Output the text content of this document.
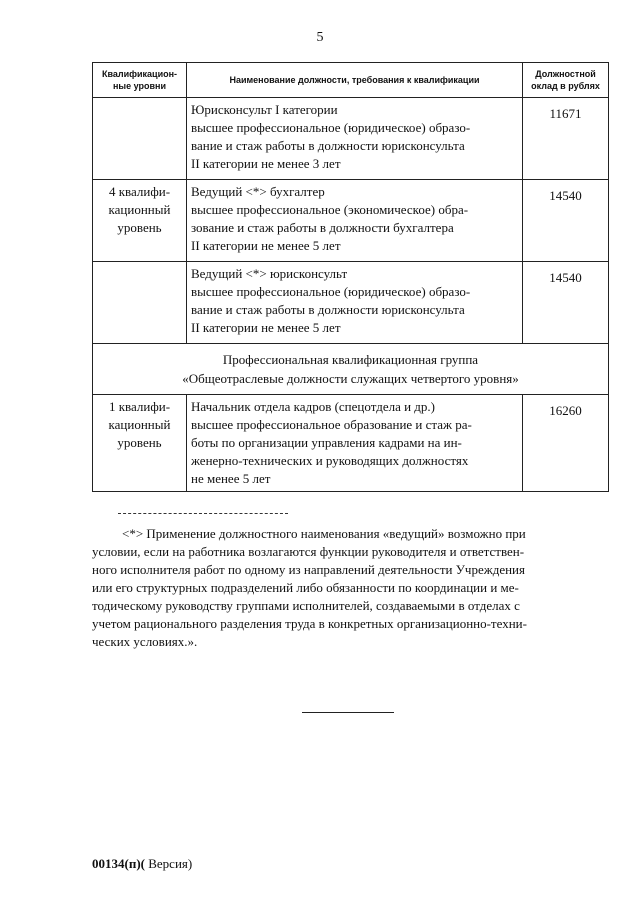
5
Квалификацион-
ные уровни	Наименование должности, требования к квалификации	Должностной
оклад в рублях

	Юрисконсульт I категории
высшее профессиональное (юридическое) образо-
вание и стаж работы в должности юрисконсульта
II категории не менее 3 лет	11671
4 квалифи- кационный уровень	Ведущий <*> бухгалтер
высшее профессиональное (экономическое) обра-
зование и стаж работы в должности бухгалтера
II категории не менее 5 лет	14540

	Ведущий <*> юрисконсульт
высшее профессиональное (юридическое) образо-
вание и стаж работы в должности юрисконсульта
II категории не менее 5 лет	14540
Профессиональная квалификационная группа
«Общеотраслевые должности служащих четвертого уровня»		
1 квалифи- кационный уровень	Начальник отдела кадров (спецотдела и др.)
высшее профессиональное образование и стаж ра-
боты по организации управления кадрами на ин-
женерно-технических и руководящих должностях
не менее 5 лет	16260
<*> Применение должностного наименования «ведущий» возможно при
условии, если на работника возлагаются функции руководителя и ответствен-
ного исполнителя работ по одному из направлений деятельности Учреждения
или его структурных подразделений либо обязанности по координации и ме-
тодическому руководству группами исполнителей, создаваемыми в отделах с
учетом рационального разделения труда в конкретных организационно-техни-
ческих условиях.».
00134(п)( Версия)
